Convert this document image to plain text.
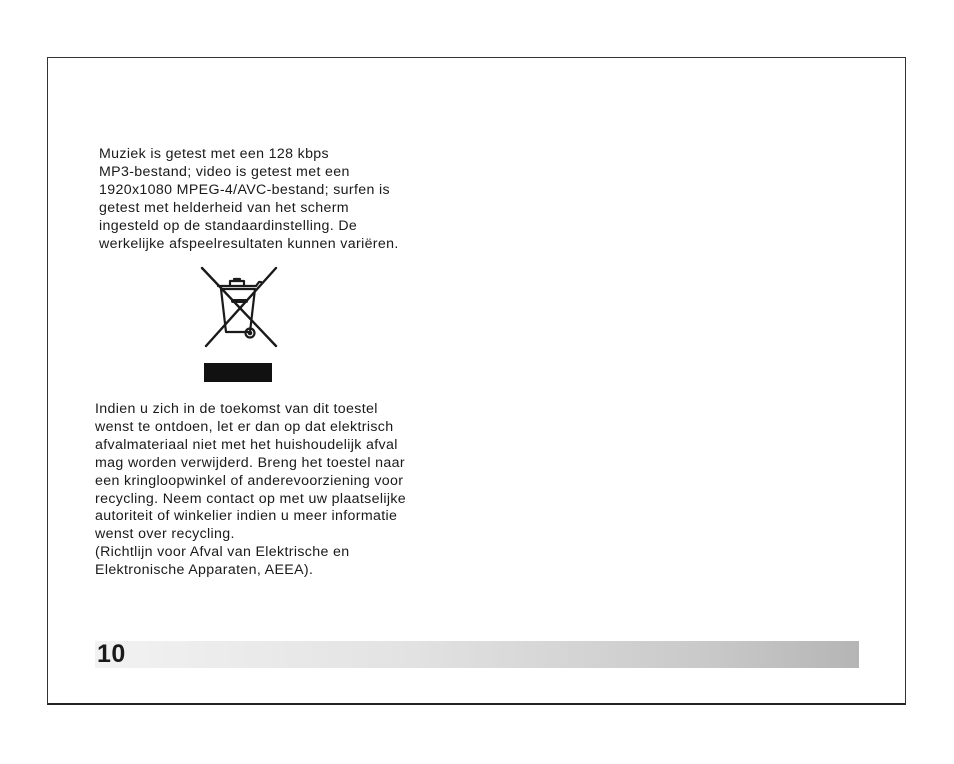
Muziek is getest met een 128 kbps
MP3-bestand; video is getest met een
1920x1080 MPEG-4/AVC-bestand; surfen is
getest met helderheid van het scherm
ingesteld op de standaardinstelling. De
werkelijke afspeelresultaten kunnen variëren.

Indien u zich in de toekomst van dit toestel
wenst te ontdoen, let er dan op dat elektrisch
afvalmateriaal niet met het huishoudelijk afval
mag worden verwijderd. Breng het toestel naar
een kringloopwinkel of anderevoorziening voor
recycling. Neem contact op met uw plaatselijke
autoriteit of winkelier indien u meer informatie
wenst over recycling.
(Richtlijn voor Afval van Elektrische en
Elektronische Apparaten, AEEA).

10
